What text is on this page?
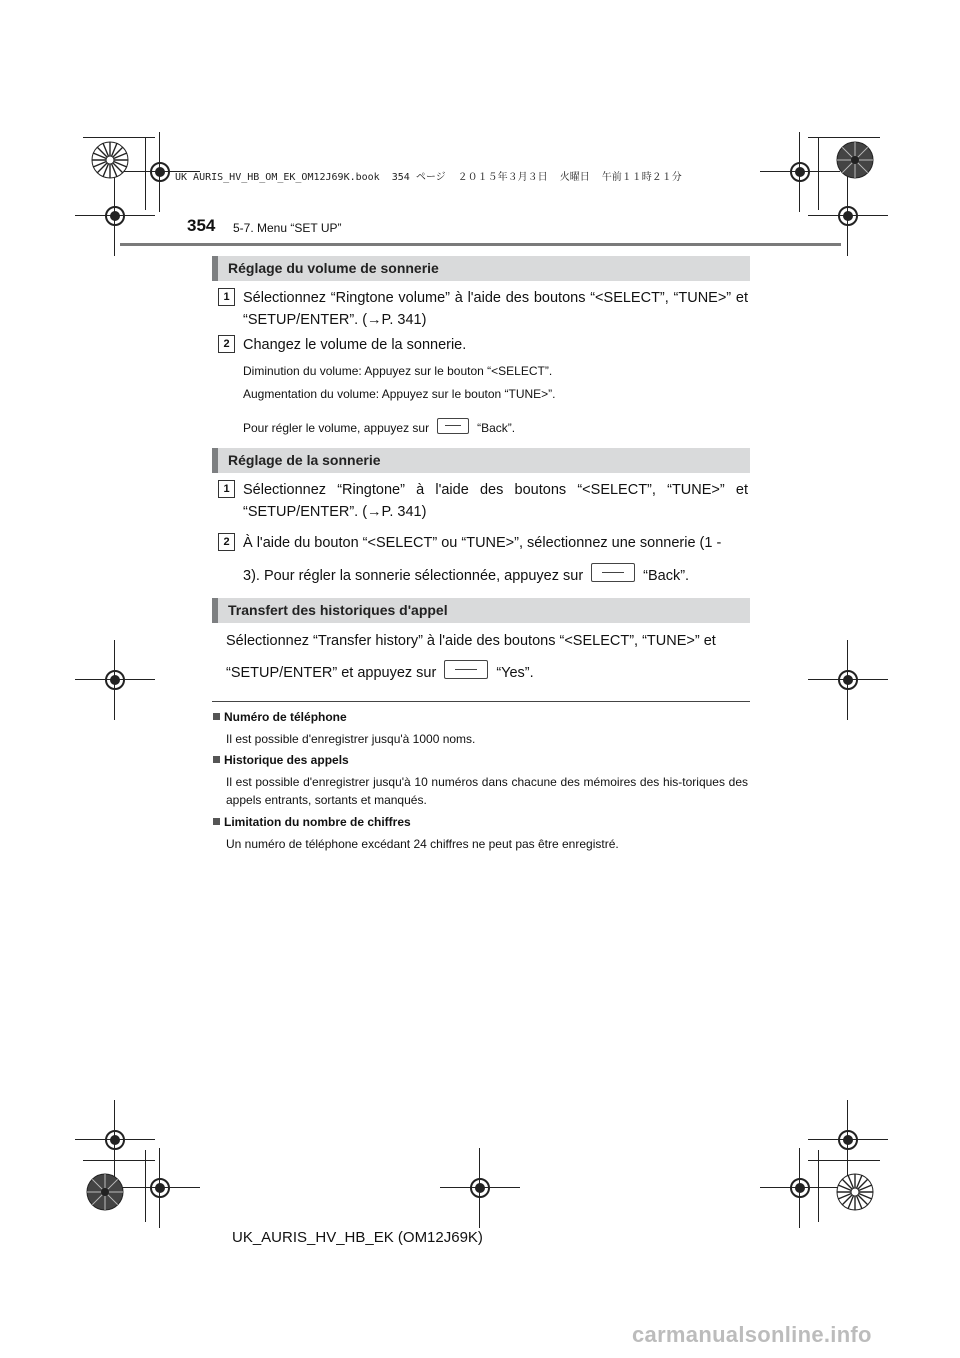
UK AURIS_HV_HB_OM_EK_OM12J69K.book  354 ページ  ２０１５年３月３日  火曜日  午前１１時２１分
354 5-7. Menu “SET UP”
Réglage du volume de sonnerie
1 Sélectionnez “Ringtone volume” à l'aide des boutons “<SELECT”, “TUNE>” et “SETUP/ENTER”. (→P. 341)
2 Changez le volume de la sonnerie.
Diminution du volume: Appuyez sur le bouton “<SELECT”.
Augmentation du volume: Appuyez sur le bouton “TUNE>”.
Pour régler le volume, appuyez sur	“Back”.
Réglage de la sonnerie
1 Sélectionnez “Ringtone” à l'aide des boutons “<SELECT”, “TUNE>” et “SETUP/ENTER”. (→P. 341)
2 À l'aide du bouton “<SELECT” ou “TUNE>”, sélectionnez une sonnerie (1 -
3). Pour régler la sonnerie sélectionnée, appuyez sur	“Back”.
Transfert des historiques d'appel
Sélectionnez “Transfer history” à l'aide des boutons “<SELECT”, “TUNE>” et
“SETUP/ENTER” et appuyez sur	“Yes”.
Numéro de téléphone
Il est possible d'enregistrer jusqu'à 1000 noms.
Historique des appels
Il est possible d'enregistrer jusqu'à 10 numéros dans chacune des mémoires des his-toriques des appels entrants, sortants et manqués.
Limitation du nombre de chiffres
Un numéro de téléphone excédant 24 chiffres ne peut pas être enregistré.
UK_AURIS_HV_HB_EK (OM12J69K)
carmanualsonline.info
